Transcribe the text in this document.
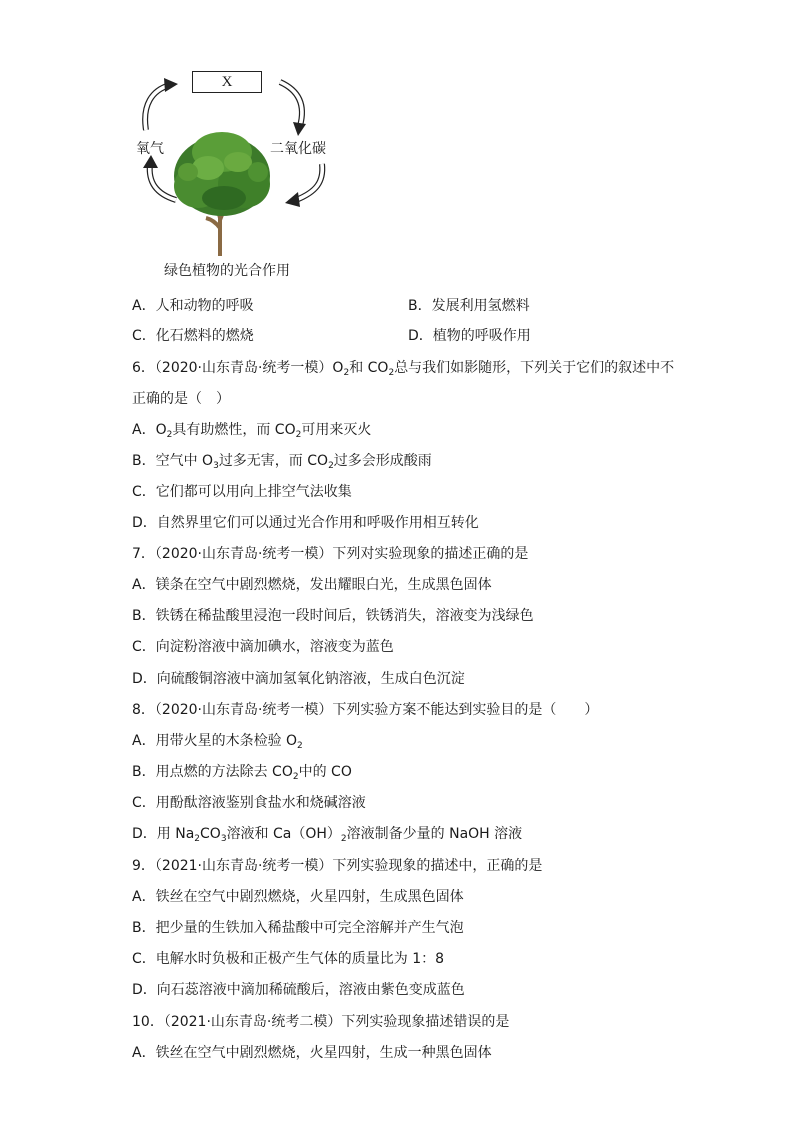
X
氧气	二氧化碳
绿色植物的光合作用
A．人和动物的呼吸	B．发展利用氢燃料
C．化石燃料的燃烧	D．植物的呼吸作用
6．（2020·山东青岛·统考一模）$O_2$和 $CO_2$总与我们如影随形，下列关于它们的叙述中不
正确的是（　）
A．$O_2$具有助燃性，而 $CO_2$可用来灭火
B．空气中 $O_3$过多无害，而 $CO_2$过多会形成酸雨
C．它们都可以用向上排空气法收集
D．自然界里它们可以通过光合作用和呼吸作用相互转化
7．（2020·山东青岛·统考一模）下列对实验现象的描述正确的是
A．镁条在空气中剧烈燃烧，发出耀眼白光，生成黑色固体
B．铁锈在稀盐酸里浸泡一段时间后，铁锈消失，溶液变为浅绿色
C．向淀粉溶液中滴加碘水，溶液变为蓝色
D．向硫酸铜溶液中滴加氢氧化钠溶液，生成白色沉淀
8．（2020·山东青岛·统考一模）下列实验方案不能达到实验目的是（　　）
A．用带火星的木条检验 $O_2$
B．用点燃的方法除去 $CO_2$中的 CO
C．用酚酞溶液鉴别食盐水和烧碱溶液
D．用 $Na_2CO_3$溶液和 $Ca(OH)_2$溶液制备少量的 NaOH 溶液
9．（2021·山东青岛·统考一模）下列实验现象的描述中，正确的是
A．铁丝在空气中剧烈燃烧，火星四射，生成黑色固体
B．把少量的生铁加入稀盐酸中可完全溶解并产生气泡
C．电解水时负极和正极产生气体的质量比为 1：8
D．向石蕊溶液中滴加稀硫酸后，溶液由紫色变成蓝色
10．（2021·山东青岛·统考二模）下列实验现象描述错误的是
A．铁丝在空气中剧烈燃烧，火星四射，生成一种黑色固体
